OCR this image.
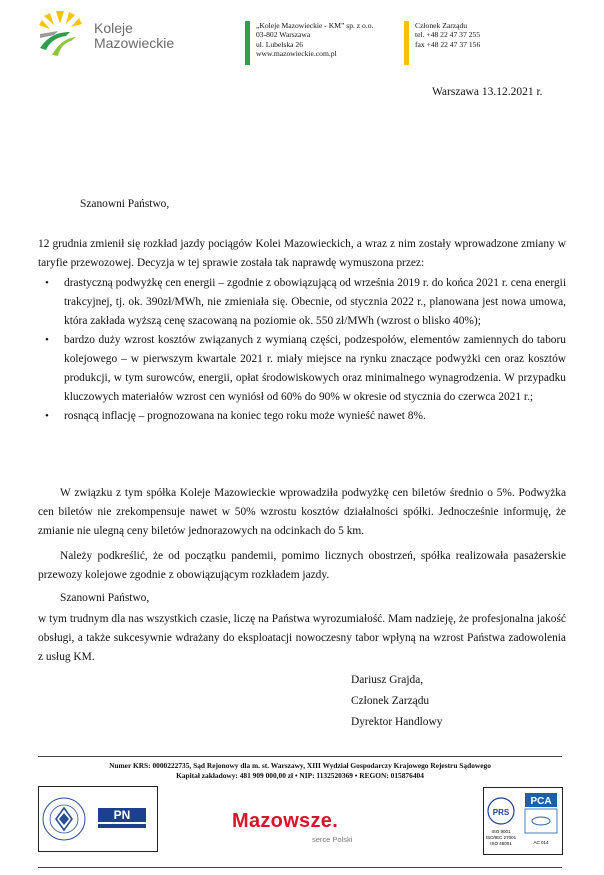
Koleje
Mazowieckie
„Koleje Mazowieckie - KM” sp. z o.o.
03-802 Warszawa
ul. Lubelska 26
www.mazowieckie.com.pl
Członek Zarządu
tel. +48 22 47 37 255
fax +48 22 47 37 156
Warszawa 13.12.2021 r.
Szanowni Państwo,
12 grudnia zmienił się rozkład jazdy pociągów Kolei Mazowieckich, a wraz z nim zostały wprowadzone zmiany w taryfie przewozowej. Decyzja w tej sprawie została tak naprawdę wymuszona przez:
• drastyczną podwyżkę cen energii – zgodnie z obowiązującą od września 2019 r. do końca 2021 r. cena energii trakcyjnej, tj. ok. 390zł/MWh, nie zmieniała się. Obecnie, od stycznia 2022 r., planowana jest nowa umowa, która zakłada wyższą cenę szacowaną na poziomie ok. 550 zł/MWh (wzrost o blisko 40%);
• bardzo duży wzrost kosztów związanych z wymianą części, podzespołów, elementów zamiennych do taboru kolejowego – w pierwszym kwartale 2021 r. miały miejsce na rynku znaczące podwyżki cen oraz kosztów produkcji, w tym surowców, energii, opłat środowiskowych oraz minimalnego wynagrodzenia. W przypadku kluczowych materiałów wzrost cen wyniósł od 60% do 90% w okresie od stycznia do czerwca 2021 r.;
• rosnącą inflację – prognozowana na koniec tego roku może wynieść nawet 8%.
W związku z tym spółka Koleje Mazowieckie wprowadziła podwyżkę cen biletów średnio o 5%. Podwyżka cen biletów nie zrekompensuje nawet w 50% wzrostu kosztów działalności spółki. Jednocześnie informuję, że zmianie nie ulegną ceny biletów jednorazowych na odcinkach do 5 km.
Należy podkreślić, że od początku pandemii, pomimo licznych obostrzeń, spółka realizowała pasażerskie przewozy kolejowe zgodnie z obowiązującym rozkładem jazdy.
Szanowni Państwo,
w tym trudnym dla nas wszystkich czasie, liczę na Państwa wyrozumiałość. Mam nadzieję, że profesjonalna jakość obsługi, a także sukcesywnie wdrażany do eksploatacji nowoczesny tabor wpłyną na wzrost Państwa zadowolenia z usług KM.
Dariusz Grajda,
Członek Zarządu
Dyrektor Handlowy
Numer KRS: 0000222735, Sąd Rejonowy dla m. st. Warszawy, XIII Wydział Gospodarczy Krajowego Rejestru Sądowego
Kapitał zakładowy: 481 909 000,00 zł • NIP: 1132520369 • REGON: 015876404
PN	Mazowsze.
serce Polski
PRS
ISO 9001
ISO/IEC 27001
ISO 45001
PCA
AC 014
